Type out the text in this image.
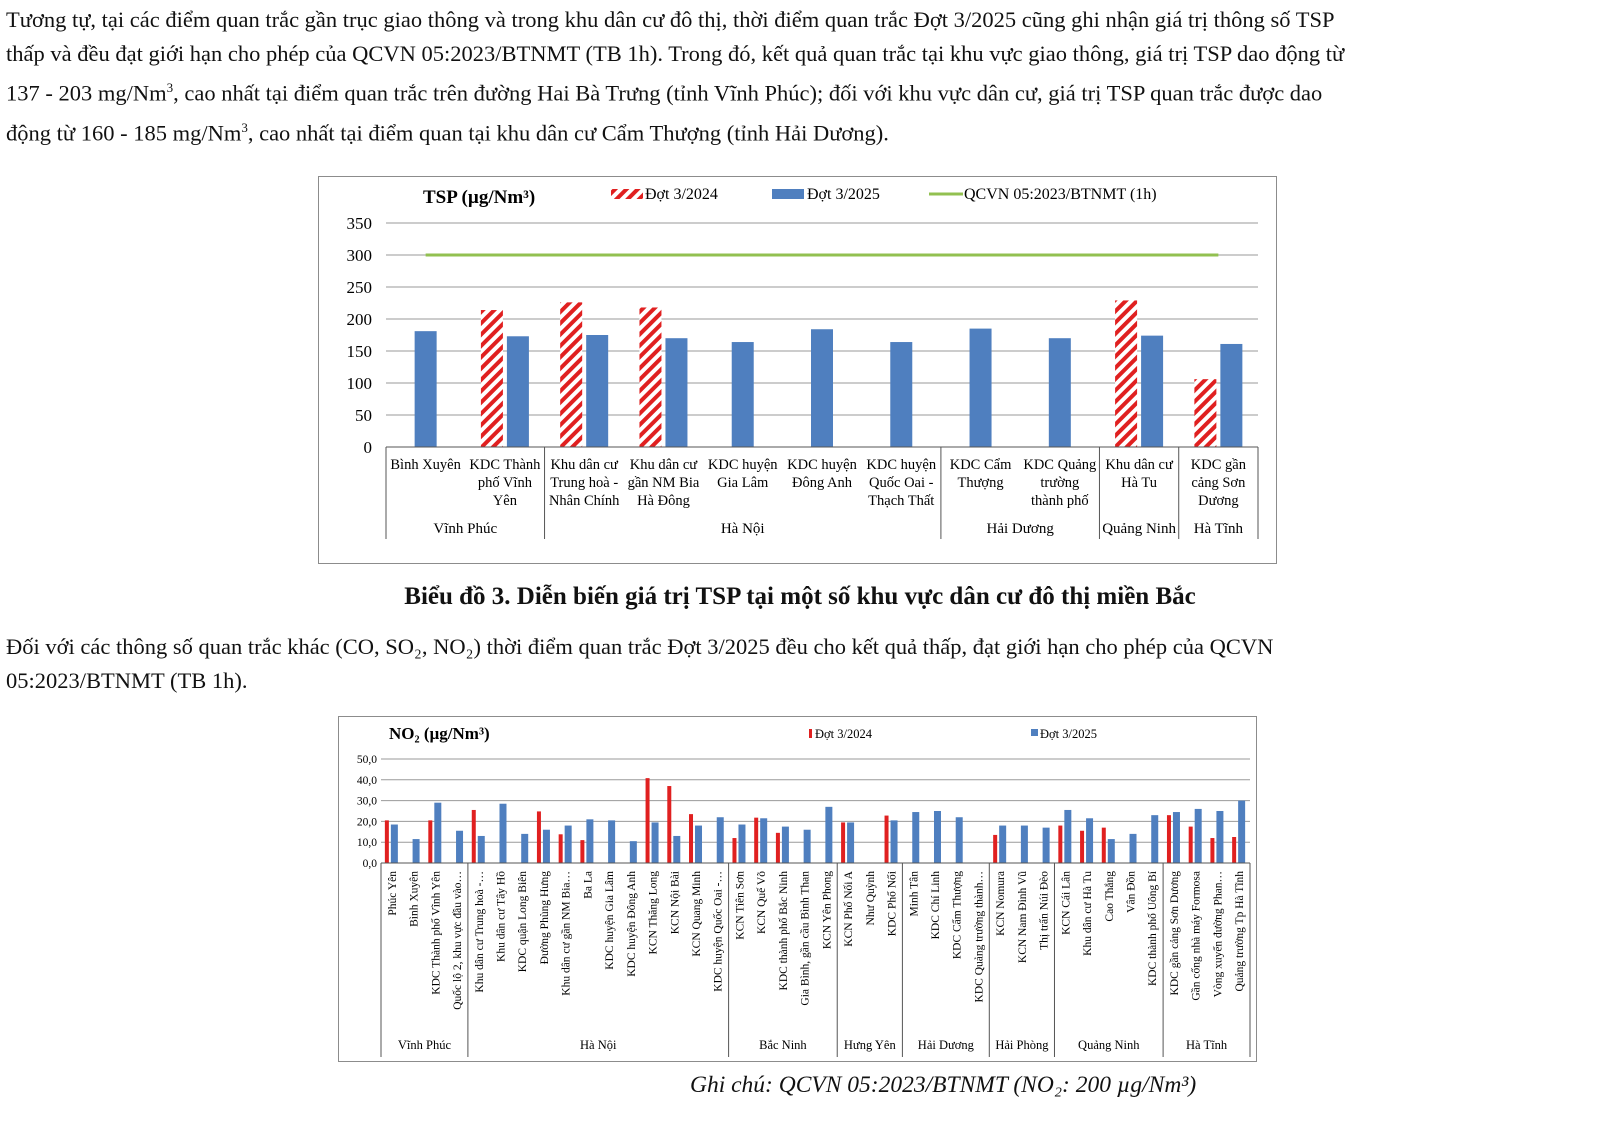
Tương tự, tại các điểm quan trắc gần trục giao thông và trong khu dân cư đô thị, thời điểm quan trắc Đợt 3/2025 cũng ghi nhận giá trị thông số TSP
thấp và đều đạt giới hạn cho phép của QCVN 05:2023/BTNMT (TB 1h). Trong đó, kết quả quan trắc tại khu vực giao thông, giá trị TSP dao động từ
137 - 203 mg/Nm$^3$, cao nhất tại điểm quan trắc trên đường Hai Bà Trưng (tỉnh Vĩnh Phúc); đối với khu vực dân cư, giá trị TSP quan trắc được dao
động từ 160 - 185 mg/Nm$^3$, cao nhất tại điểm quan tại khu dân cư Cẩm Thượng (tỉnh Hải Dương).
0
50
100
150
200
250
300
350
Bình Xuyên KDC Thành
phố Vĩnh
Yên
Khu dân cư
Trung hoà -
Nhân Chính
Khu dân cư
gần NM Bia
Hà Đông
KDC huyện
Gia Lâm
KDC huyện
Đông Anh
KDC huyện
Quốc Oai -
Thạch Thất
KDC Cẩm
Thượng
KDC Quảng
trường
thành phố
Khu dân cư
Hà Tu
KDC gần
cảng Sơn
Dương
Vĩnh Phúc	Hà Nội	Hải Dương	Quảng Ninh Hà Tĩnh
TSP (µg/Nm³)	Đợt 3/2024	Đợt 3/2025	QCVN 05:2023/BTNMT (1h)
Biểu đồ 3. Diễn biến giá trị TSP tại một số khu vực dân cư đô thị miền Bắc
Đối với các thông số quan trắc khác (CO, SO₂, NO₂) thời điểm quan trắc Đợt 3/2025 đều cho kết quả thấp, đạt giới hạn cho phép của QCVN
05:2023/BTNMT (TB 1h).
0,0
10,0
20,0
30,0
40,0
50,0
Phúc Yên Bình Xuyên KDC Thành phố Vĩnh Yên Quốc lộ 2, khu vực đầu vào… Khu dân cư Trung hoà -… Khu dân cư Tây Hồ KDC quận Long Biên Đường Phùng Hưng Khu dân cư gần NM Bia… Ba La KDC huyện Gia Lâm KDC huyện Đông Anh KCN Thăng Long KCN Nội Bài KCN Quang Minh KDC huyện Quốc Oai -… KCN Tiên Sơn KCN Quế Võ KDC thành phố Bắc Ninh Gia Bình, gần cầu Bình Than KCN Yên Phong KCN Phố Nối A Như Quỳnh KDC Phố Nối Minh Tân KDC Chí Linh KDC Cẩm Thượng KDC Quảng trường thành… KCN Nomura KCN Nam Đình Vũ Thị trấn Núi Đèo KCN Cái Lân Khu dân cư Hà Tu Cao Thắng Vân Đồn KDC thành phố Uông Bí KDC gần cảng Sơn Dương Gần cổng nhà máy Formosa Vòng xuyến đường Phan… Quảng trường Tp Hà Tĩnh
Vĩnh Phúc	Hà Nội	Bắc Ninh	Hưng Yên Hải Dương Hải Phòng Quảng Ninh	Hà Tĩnh
NO₂ (µg/Nm³)	Đợt 3/2024	Đợt 3/2025
Ghi chú: QCVN 05:2023/BTNMT (NO₂: 200 µg/Nm³)
